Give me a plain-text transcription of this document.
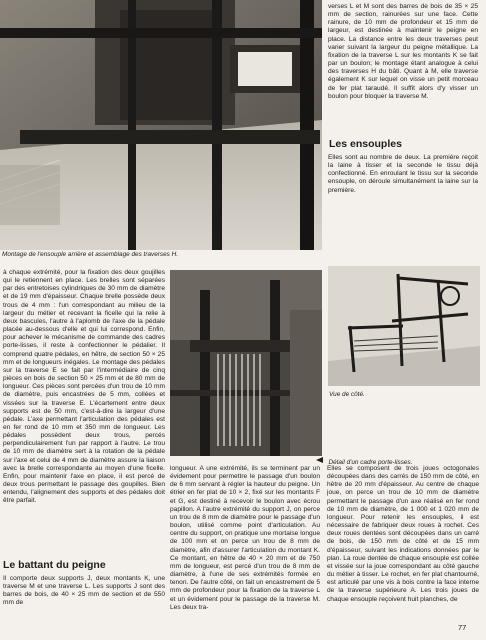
Montage de l'ensouple arrière et assemblage des traverses H.

verses L et M sont des barres de bois de 35 × 25 mm de section, rainurées sur une face. Cette rainure, de 10 mm de profondeur et 15 mm de largeur, est destinée à maintenir le peigne en place. La distance entre les deux traverses peut varier suivant la largeur du peigne métallique. La fixation de la traverse L sur les montants K se fait par un boulon; le montage étant analogue à celui des traverses H du bâti. Quant à M, elle traverse également K sur lequel on visse un petit morceau de fer plat taraudé. Il suffit alors d'y visser un boulon pour bloquer la traverse M.

Les ensouples

Elles sont au nombre de deux. La première reçoit la laine à tisser et la seconde le tissu déjà confectionné. En enroulant le tissu sur la seconde ensouple, on déroule simultanément la laine sur la première.

à chaque extrémité, pour la fixation des deux goujilles qui le retiennent en place. Les brelles sont séparées par des entretoises cylindriques de 30 mm de diamètre et de 19 mm d'épaisseur. Chaque brelle possède deux trous de 4 mm : l'un correspondant au milieu de la largeur du métier et recevant la ficelle qui la relie à deux bascules, l'autre à l'aplomb de l'axe de la pédale placée au-dessous d'elle et qui lui correspond. Enfin, pour achever le mécanisme de commande des cadres porte-lisses, il reste à confectionner le pédalier. Il comprend quatre pédales, en hêtre, de section 50 × 25 mm et de longueurs inégales. Le montage des pédales sur la traverse E se fait par l'intermédiaire de cinq pièces en bois de section 50 × 25 mm et de 80 mm de longueur. Ces pièces sont percées d'un trou de 10 mm de diamètre, puis encastrées de 5 mm, collées et vissées sur la traverse E. L'écartement entre deux supports est de 50 mm, c'est-à-dire la largeur d'une pédale. L'axe permettant l'articulation des pédales est en fer rond de 10 mm et 350 mm de longueur. Les pédales possèdent deux trous, percés perpendiculairement l'un par rapport à l'autre. Le trou de 10 mm de diamètre sert à la rotation de la pédale sur l'axe et celui de 4 mm de diamètre assure la liaison avec la brelle correspondante au moyen d'une ficelle. Enfin, pour maintenir l'axe en place, il est percé de deux trous permettant le passage des goupilles. Bien entendu, l'alignement des supports et des pédales doit être parfait.

Le battant du peigne

Il comporte deux supports J, deux montants K, une traverse M et une traverse L. Les supports J sont des barres de bois, de 40 × 25 mm de section et de 550 mm de

Vue de côté.
Détail d'un cadre porte-lisses.

longueur. A une extrémité, ils se terminent par un évidement pour permettre le passage d'un boulon de 6 mm servant à régler la hauteur du peigne. Un étrier en fer plat de 10 × 2, fixé sur les montants F et G, est destiné à recevoir le boulon avec écrou papillon. A l'autre extrémité du support J, on perce un trou de 8 mm de diamètre pour le passage d'un boulon, utilisé comme point d'articulation. Au centre du support, on pratique une mortaise longue de 100 mm et on perce un trou de 8 mm de diamètre, afin d'assurer l'articulation du montant K. Ce montant, en hêtre de 40 × 20 mm et de 750 mm de longueur, est percé d'un trou de 8 mm de diamètre, à l'une de ses extrémités formée en tenon. De l'autre côté, on fait un encastrement de 5 mm de profondeur pour la fixation de la traverse L et un évidement pour le passage de la traverse M. Les deux tra-

Elles se composent de trois joues octogonales découpées dans des carrés de 150 mm de côté, en hêtre de 20 mm d'épaisseur. Au centre de chaque joue, on perce un trou de 10 mm de diamètre permettant le passage d'un axe réalisé en fer rond de 10 mm de diamètre, de 1 000 et 1 020 mm de longueur. Pour retenir les ensouples, il est nécessaire de fabriquer deux roues à rochet. Ces deux roues dentées sont découpées dans un carré de bois, de 150 mm de côté et de 15 mm d'épaisseur, suivant les indications données par le plan. La roue dentée de chaque ensouple est collée et vissée sur la joue correspondant au côté gauche du métier à tisser. Le rochet, en fer plat chantourné, est articulé par une vis à bois contre la face interne de la traverse supérieure A. Les trois joues de chaque ensouple reçoivent huit planches, de

77
